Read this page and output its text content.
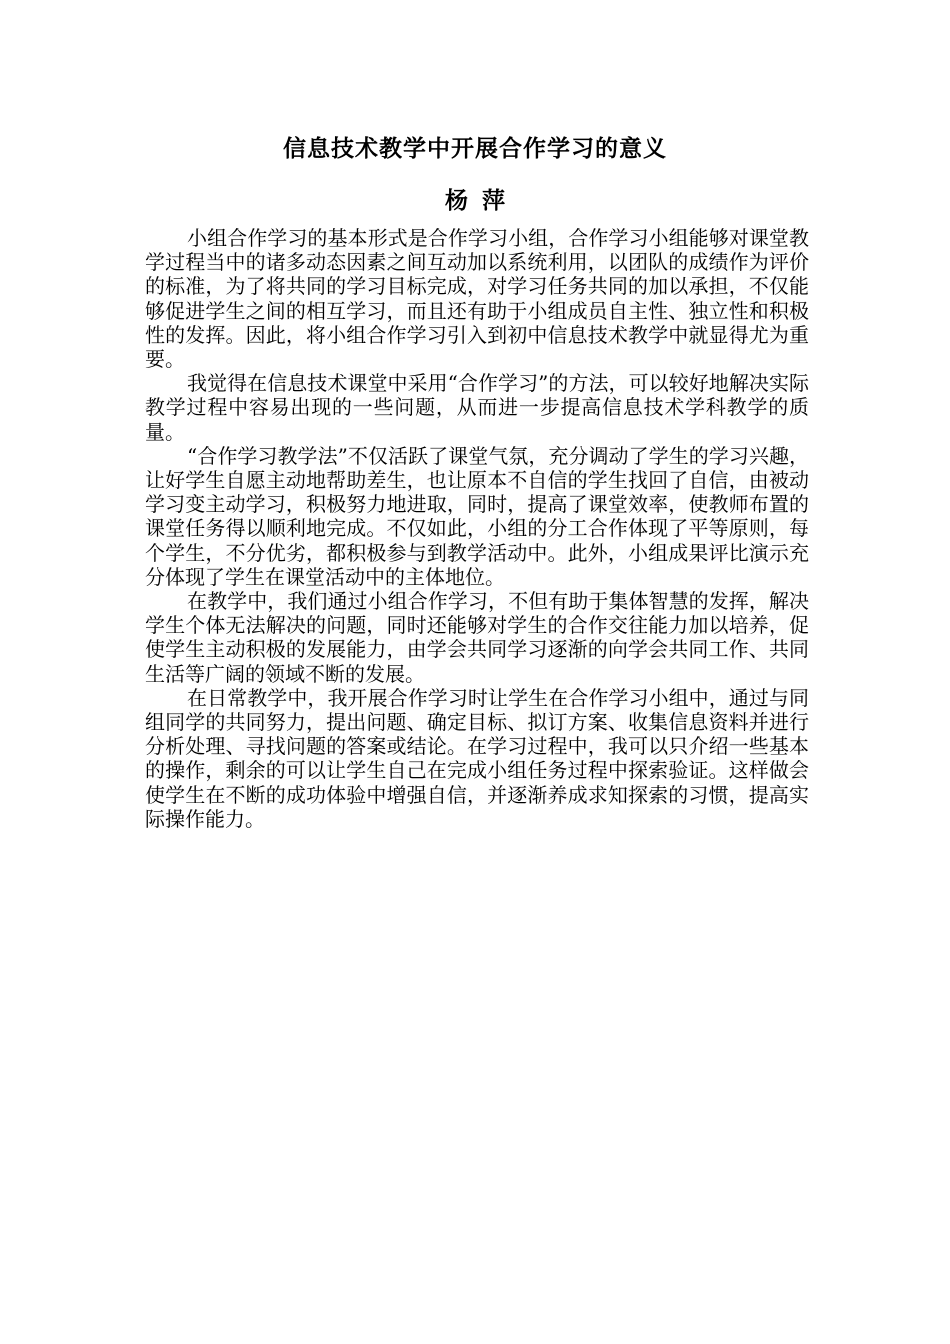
信息技术教学中开展合作学习的意义
杨萍

小组合作学习的基本形式是合作学习小组，合作学习小组能够对课堂教学过程当中的诸多动态因素之间互动加以系统利用，以团队的成绩作为评价的标准，为了将共同的学习目标完成，对学习任务共同的加以承担，不仅能够促进学生之间的相互学习，而且还有助于小组成员自主性、独立性和积极性的发挥。因此，将小组合作学习引入到初中信息技术教学中就显得尤为重要。

我觉得在信息技术课堂中采用“合作学习”的方法，可以较好地解决实际教学过程中容易出现的一些问题，从而进一步提高信息技术学科教学的质量。

“合作学习教学法”不仅活跃了课堂气氛，充分调动了学生的学习兴趣，让好学生自愿主动地帮助差生，也让原本不自信的学生找回了自信，由被动学习变主动学习，积极努力地进取，同时，提高了课堂效率，使教师布置的课堂任务得以顺利地完成。不仅如此，小组的分工合作体现了平等原则，每个学生，不分优劣，都积极参与到教学活动中。此外，小组成果评比演示充分体现了学生在课堂活动中的主体地位。

在教学中，我们通过小组合作学习，不但有助于集体智慧的发挥，解决学生个体无法解决的问题，同时还能够对学生的合作交往能力加以培养，促使学生主动积极的发展能力，由学会共同学习逐渐的向学会共同工作、共同生活等广阔的领域不断的发展。

在日常教学中，我开展合作学习时让学生在合作学习小组中，通过与同组同学的共同努力，提出问题、确定目标、拟订方案、收集信息资料并进行分析处理、寻找问题的答案或结论。在学习过程中，我可以只介绍一些基本的操作，剩余的可以让学生自己在完成小组任务过程中探索验证。这样做会使学生在不断的成功体验中增强自信，并逐渐养成求知探索的习惯，提高实际操作能力。
